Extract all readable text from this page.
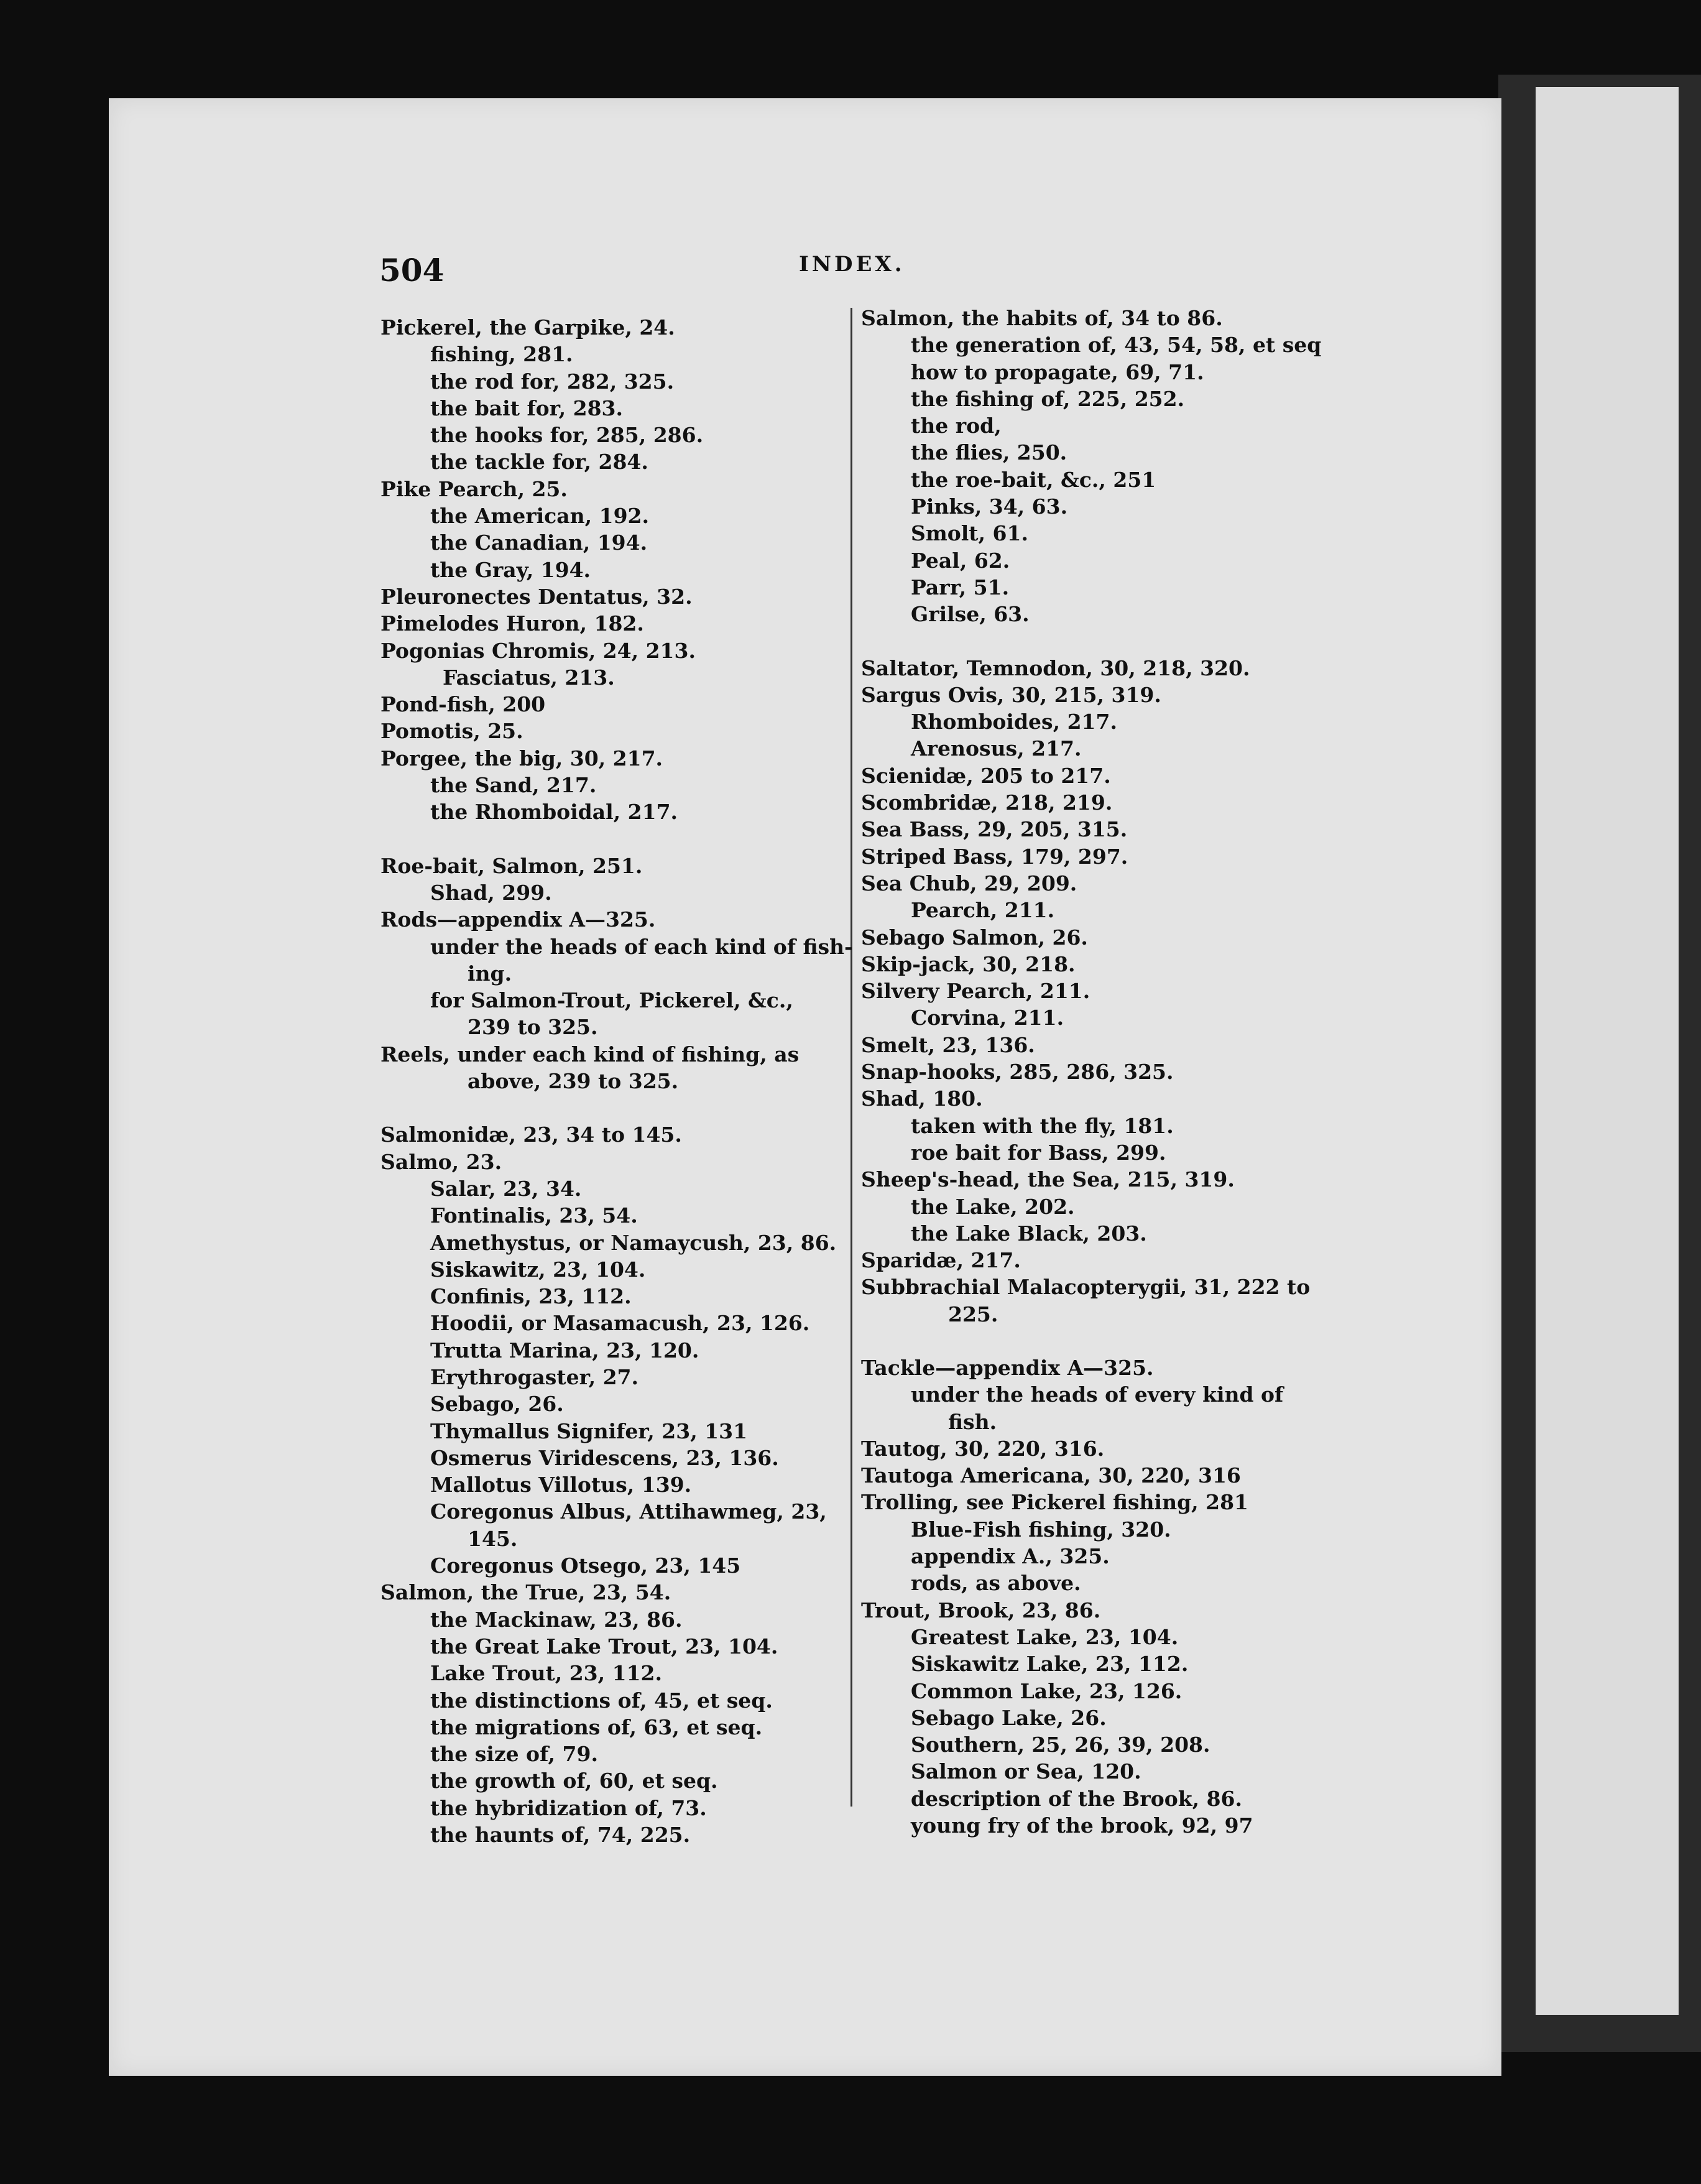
504	INDEX.
Pickerel, the Garpike, 24.
fishing, 281.
the rod for, 282, 325.
the bait for, 283.
the hooks for, 285, 286.
the tackle for, 284.
Pike Pearch, 25.
the American, 192.
the Canadian, 194.
the Gray, 194.
Pleuronectes Dentatus, 32.
Pimelodes Huron, 182.
Pogonias Chromis, 24, 213.
Fasciatus, 213.
Pond-fish, 200
Pomotis, 25.
Porgee, the big, 30, 217.
the Sand, 217.
the Rhomboidal, 217.
Roe-bait, Salmon, 251.
Shad, 299.
Rods—appendix A—325.
under the heads of each kind of fish-
ing.
for Salmon-Trout, Pickerel, &c.,
239 to 325.
Reels, under each kind of fishing, as
above, 239 to 325.
Salmonidæ, 23, 34 to 145.
Salmo, 23.
Salar, 23, 34.
Fontinalis, 23, 54.
Amethystus, or Namaycush, 23, 86.
Siskawitz, 23, 104.
Confinis, 23, 112.
Hoodii, or Masamacush, 23, 126.
Trutta Marina, 23, 120.
Erythrogaster, 27.
Sebago, 26.
Thymallus Signifer, 23, 131
Osmerus Viridescens, 23, 136.
Mallotus Villotus, 139.
Coregonus Albus, Attihawmeg, 23,
145.
Coregonus Otsego, 23, 145
Salmon, the True, 23, 54.
the Mackinaw, 23, 86.
the Great Lake Trout, 23, 104.
Lake Trout, 23, 112.
the distinctions of, 45, et seq.
the migrations of, 63, et seq.
the size of, 79.
the growth of, 60, et seq.
the hybridization of, 73.
the haunts of, 74, 225.
Salmon, the habits of, 34 to 86.
the generation of, 43, 54, 58, et seq
how to propagate, 69, 71.
the fishing of, 225, 252.
the rod,
the flies, 250.
the roe-bait, &c., 251
Pinks, 34, 63.
Smolt, 61.
Peal, 62.
Parr, 51.
Grilse, 63.
Saltator, Temnodon, 30, 218, 320.
Sargus Ovis, 30, 215, 319.
Rhomboides, 217.
Arenosus, 217.
Scienidæ, 205 to 217.
Scombridæ, 218, 219.
Sea Bass, 29, 205, 315.
Striped Bass, 179, 297.
Sea Chub, 29, 209.
Pearch, 211.
Sebago Salmon, 26.
Skip-jack, 30, 218.
Silvery Pearch, 211.
Corvina, 211.
Smelt, 23, 136.
Snap-hooks, 285, 286, 325.
Shad, 180.
taken with the fly, 181.
roe bait for Bass, 299.
Sheep's-head, the Sea, 215, 319.
the Lake, 202.
the Lake Black, 203.
Sparidæ, 217.
Subbrachial Malacopterygii, 31, 222 to
225.
Tackle—appendix A—325.
under the heads of every kind of
fish.
Tautog, 30, 220, 316.
Tautoga Americana, 30, 220, 316
Trolling, see Pickerel fishing, 281
Blue-Fish fishing, 320.
appendix A., 325.
rods, as above.
Trout, Brook, 23, 86.
Greatest Lake, 23, 104.
Siskawitz Lake, 23, 112.
Common Lake, 23, 126.
Sebago Lake, 26.
Southern, 25, 26, 39, 208.
Salmon or Sea, 120.
description of the Brook, 86.
young fry of the brook, 92, 97
